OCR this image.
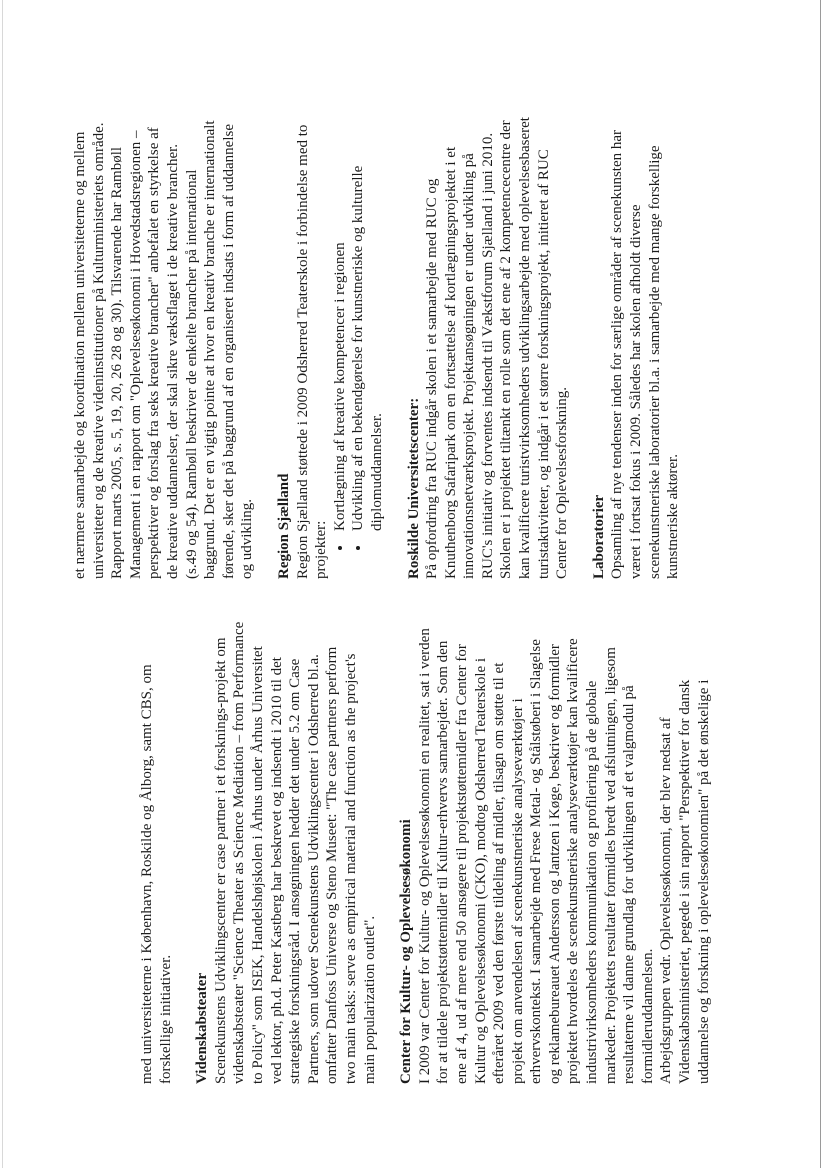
med universiteterne i København, Roskilde og Ålborg, samt CBS, om forskellige initiativer. Videnskabsteater Scenekunstens Udviklingscenter er case partner i et forsknings-projekt om videnskabsteater "Science Theater as Science Mediation – from Performance to Policy" som ISEK, Handelshøjskolen i Århus under Århus Universitet ved lektor, ph.d. Peter Kastberg har beskrevet og indsendt i 2010 til det strategiske forskningsråd. I ansøgningen hedder det under 5.2 om Case Partners, som udover Scenekunstens Udviklingscenter i Odsherred bl.a. omfatter Danfoss Universe og Steno Museet: "The case partners perform two main tasks: serve as empirical material and function as the project's main popularization outlet". Center for Kultur- og Oplevelsesøkonomi I 2009 var Center for Kultur- og Oplevelsesøkonomi en realitet, sat i verden for at tildele projektstøttemidler til Kultur-erhvervs samarbejder. Som den ene af 4, ud af mere end 50 ansøgere til projektstøttemidler fra Center for Kultur og Oplevelsesøkonomi (CKO), modtog Odsherred Teaterskole i efteråret 2009 ved den første tildeling af midler, tilsagn om støtte til et projekt om anvendelsen af scenekunstneriske analyseværktøjer i erhvervskontekst. I samarbejde med Frese Metal- og Stålstøberi i Slagelse og reklamebureauet Andersson og Jantzen i Køge, beskriver og formidler projektet hvordeles de scenekunstneriske analyseværktøjer kan kvalificere industrivirksomheders kommunikation og profilering på de globale markeder. Projektets resultater formidles bredt ved afslutningen, ligesom resultaterne vil danne grundlag for udviklingen af et valgmodul på formidleruddannelsen. Arbejdsgruppen vedr. Oplevelsesøkonomi, der blev nedsat af Videnskabsministeriet, pegede i sin rapport "Perspektiver for dansk uddannelse og forskning i oplevelsesøkonomien" på det ønskelige i

et nærmere samarbejde og koordination mellem universiteterne og mellem universiteter og de kreative videninstitutioner på Kulturministeriets område. Rapport marts 2005, s. 5, 19, 20, 26 28 og 30). Tilsvarende har Rambøll Management i en rapport om "Oplevelsesøkonomi i Hovedstadsregionen – perspektiver og forslag fra seks kreative brancher" anbefalet en styrkelse af de kreative uddannelser, der skal sikre væksflaget i de kreative brancher. (s.49 og 54). Rambøll beskriver de enkelte brancher på international baggrund. Det er en vigtig pointe at hvor en kreativ branche er internationalt førende, sker det på baggrund af en organiseret indsats i form af uddannelse og udvikling. Region Sjælland Region Sjælland støttede i 2009 Odsherred Teaterskole i forbindelse med to projekter:

• Kortlægning af kreative kompetencer i regionen
• Udvikling af en bekendgørelse for kunstneriske og kulturelle diplomuddannelser. Roskilde Universitetscenter: På opfordring fra RUC indgår skolen i et samarbejde med RUC og Knuthenborg Safaripark om en fortsættelse af kortlægningsprojektet i et innovationsnetværksprojekt. Projektansøgningen er under udvikling på RUC's initiativ og forventes indsendt til Vækstforum Sjælland i juni 2010. Skolen er i projektet tiltænkt en rolle som det ene af 2 kompetencecentre der kan kvalificere turistvirksomheders udviklingsarbejde med oplevelsesbaseret turistaktiviteter, og indgår i et større forskningsprojekt, initieret af RUC Center for Oplevelsesforskning. Laboratorier Opsamling af nye tendenser inden for særlige områder af scenekunsten har været i fortsat fokus i 2009. Således har skolen afholdt diverse scenekunstneriske laboratorier bl.a. i samarbejde med mange forskellige kunstneriske aktører.
